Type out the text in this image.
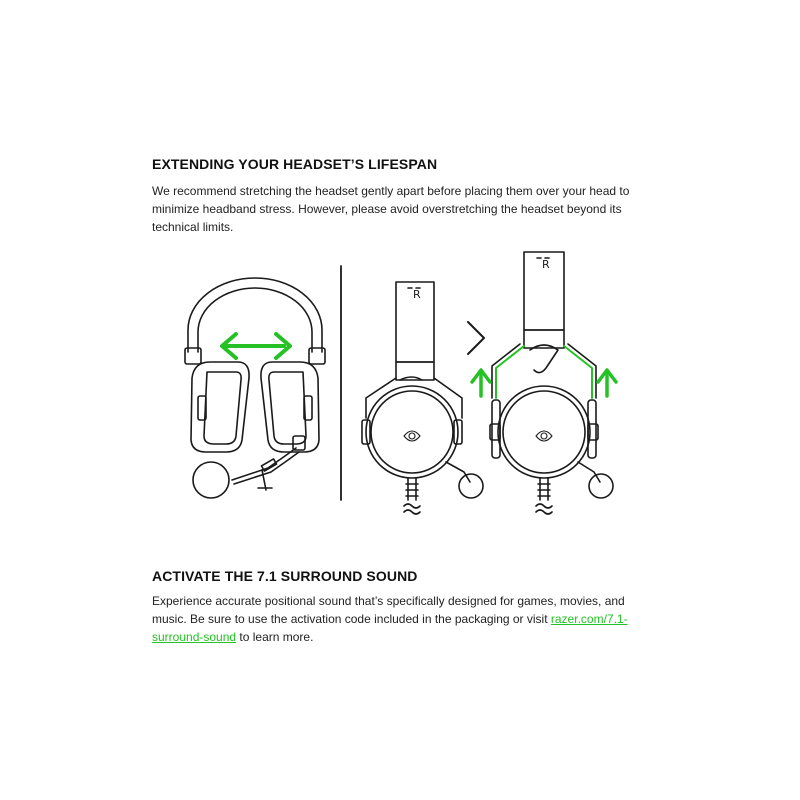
EXTENDING YOUR HEADSET’S LIFESPAN

We recommend stretching the headset gently apart before placing them over your head to minimize headband stress. However, please avoid overstretching the headset beyond its technical limits.

R
R
ACTIVATE THE 7.1 SURROUND SOUND

Experience accurate positional sound that’s specifically designed for games, movies, and music. Be sure to use the activation code included in the packaging or visit razer.com/7.1-surround-sound to learn more.
